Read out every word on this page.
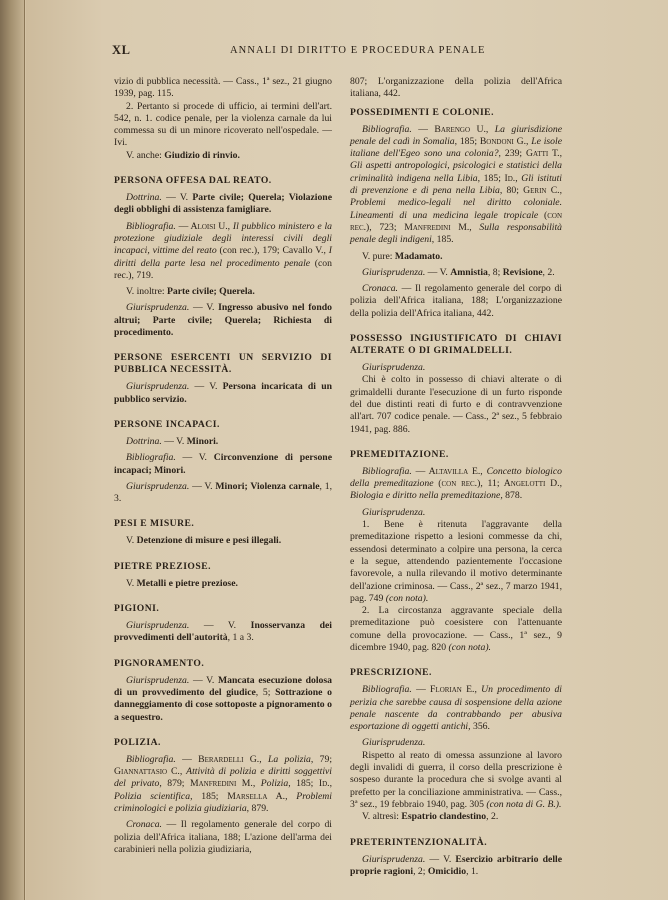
XL	ANNALI DI DIRITTO E PROCEDURA PENALE

vizio di pubblica necessità. — Cass., 1ª sez., 21 giugno 1939, pag. 115.

2. Pertanto si procede di ufficio, ai termini dell'art. 542, n. 1. codice penale, per la violenza carnale da lui commessa su di un minore ricoverato nell'ospedale. — Ivi.

V. anche: Giudizio di rinvio.

PERSONA OFFESA DAL REATO.

Dottrina. — V. Parte civile; Querela; Violazione degli obblighi di assistenza famigliare.

Bibliografia. — Aloisi U., Il pubblico ministero e la protezione giudiziale degli interessi civili degli incapaci, vittime del reato (con rec.), 179; Cavallo V., I diritti della parte lesa nel procedimento penale (con rec.), 719.

V. inoltre: Parte civile; Querela.

Giurisprudenza. — V. Ingresso abusivo nel fondo altrui; Parte civile; Querela; Richiesta di procedimento.

PERSONE ESERCENTI UN SERVIZIO DI PUBBLICA NECESSITÀ.

Giurisprudenza. — V. Persona incaricata di un pubblico servizio.

PERSONE INCAPACI.

Dottrina. — V. Minori.

Bibliografia. — V. Circonvenzione di persone incapaci; Minori.

Giurisprudenza. — V. Minori; Violenza carnale, 1, 3.

PESI E MISURE.

V. Detenzione di misure e pesi illegali.

PIETRE PREZIOSE.

V. Metalli e pietre preziose.

PIGIONI.

Giurisprudenza. — V. Inosservanza dei provvedimenti dell'autorità, 1 a 3.

PIGNORAMENTO.

Giurisprudenza. — V. Mancata esecuzione dolosa di un provvedimento del giudice, 5; Sottrazione o danneggiamento di cose sottoposte a pignoramento o a sequestro.

POLIZIA.

Bibliografia. — Berardelli G., La polizia, 79; Giannattasio C., Attività di polizia e diritti soggettivi del privato, 879; Manfredini M., Polizia, 185; Id., Polizia scientifica, 185; Marsella A., Problemi criminologici e polizia giudiziaria, 879.

Cronaca. — Il regolamento generale del corpo di polizia dell'Africa italiana, 188; L'azione dell'arma dei carabinieri nella polizia giudiziaria,

807; L'organizzazione della polizia dell'Africa italiana, 442.

POSSEDIMENTI E COLONIE.

Bibliografia. — Barengo U., La giurisdizione penale del cadì in Somalia, 185; Bondoni G., Le isole italiane dell'Egeo sono una colonia?, 239; Gatti T., Gli aspetti antropologici, psicologici e statistici della criminalità indigena nella Libia, 185; Id., Gli istituti di prevenzione e di pena nella Libia, 80; Gerin C., Problemi medico-legali nel diritto coloniale. Lineamenti di una medicina legale tropicale (con rec.), 723; Manfredini M., Sulla responsabilità penale degli indigeni, 185.

V. pure: Madamato.

Giurisprudenza. — V. Amnistia, 8; Revisione, 2.

Cronaca. — Il regolamento generale del corpo di polizia dell'Africa italiana, 188; L'organizzazione della polizia dell'Africa italiana, 442.

POSSESSO INGIUSTIFICATO DI CHIAVI ALTERATE O DI GRIMALDELLI.

Giurisprudenza.

Chi è colto in possesso di chiavi alterate o di grimaldelli durante l'esecuzione di un furto risponde del due distinti reati di furto e di contravvenzione all'art. 707 codice penale. — Cass., 2ª sez., 5 febbraio 1941, pag. 886.

PREMEDITAZIONE.

Bibliografia. — Altavilla E., Concetto biologico della premeditazione (con rec.), 11; Angelotti D., Biologia e diritto nella premeditazione, 878.

Giurisprudenza.

1. Bene è ritenuta l'aggravante della premeditazione rispetto a lesioni commesse da chi, essendosi determinato a colpire una persona, la cerca e la segue, attendendo pazientemente l'occasione favorevole, a nulla rilevando il motivo determinante dell'azione criminosa. — Cass., 2ª sez., 7 marzo 1941, pag. 749 (con nota).

2. La circostanza aggravante speciale della premeditazione può coesistere con l'attenuante comune della provocazione. — Cass., 1ª sez., 9 dicembre 1940, pag. 820 (con nota).

PRESCRIZIONE.

Bibliografia. — Florian E., Un procedimento di perizia che sarebbe causa di sospensione della azione penale nascente da contrabbando per abusiva esportazione di oggetti antichi, 356.

Giurisprudenza.

Rispetto al reato di omessa assunzione al lavoro degli invalidi di guerra, il corso della prescrizione è sospeso durante la procedura che si svolge avanti al prefetto per la conciliazione amministrativa. — Cass., 3ª sez., 19 febbraio 1940, pag. 305 (con nota di G. B.).

V. altresì: Espatrio clandestino, 2.

PRETERINTENZIONALITÀ.

Giurisprudenza. — V. Esercizio arbitrario delle proprie ragioni, 2; Omicidio, 1.
